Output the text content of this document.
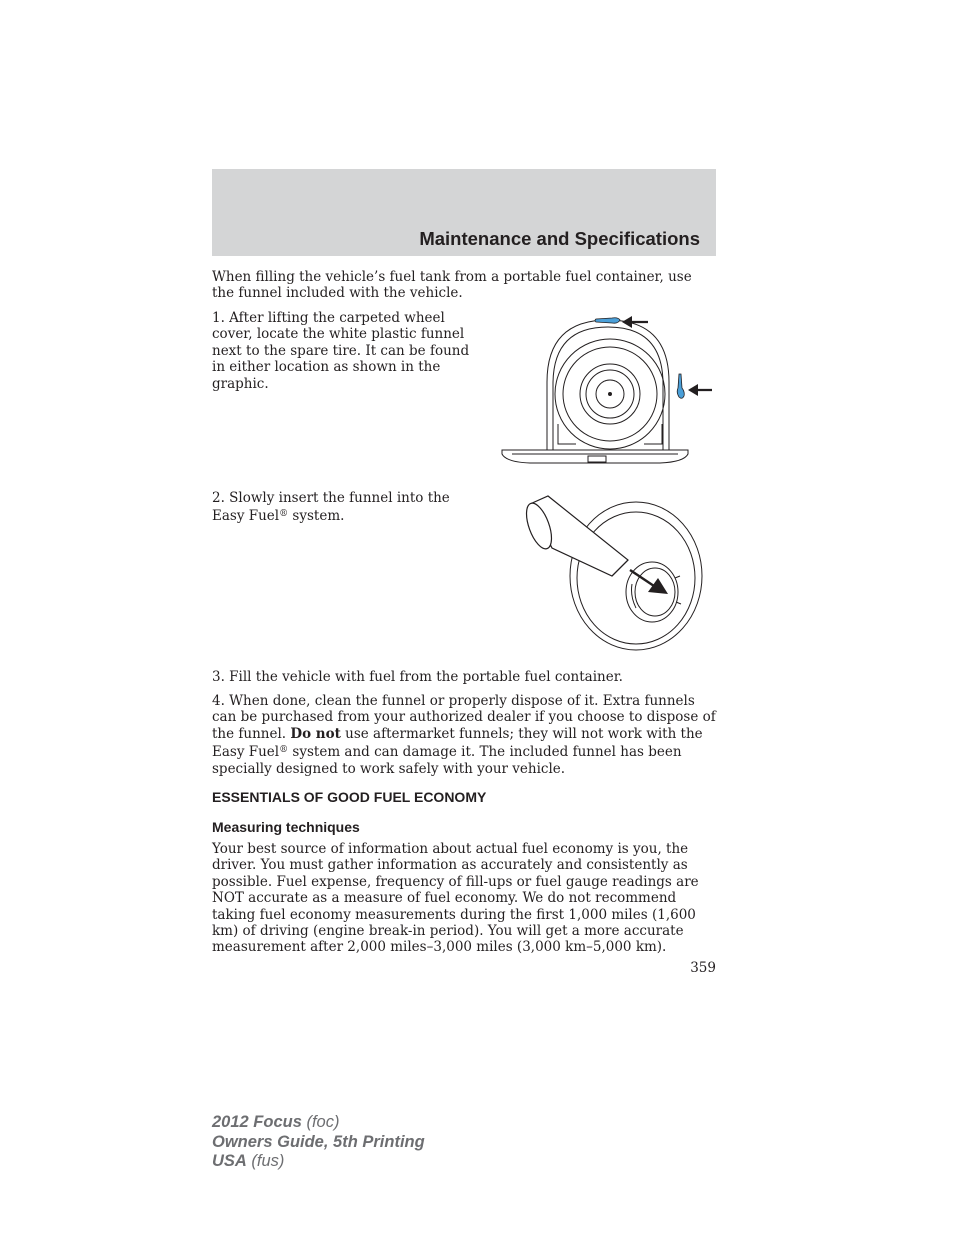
Maintenance and Specifications
When filling the vehicle’s fuel tank from a portable fuel container, use the funnel included with the vehicle.
1. After lifting the carpeted wheel cover, locate the white plastic funnel next to the spare tire. It can be found in either location as shown in the graphic.
2. Slowly insert the funnel into the Easy Fuel® system.
3. Fill the vehicle with fuel from the portable fuel container.
4. When done, clean the funnel or properly dispose of it. Extra funnels can be purchased from your authorized dealer if you choose to dispose of the funnel. Do not use aftermarket funnels; they will not work with the Easy Fuel® system and can damage it. The included funnel has been specially designed to work safely with your vehicle.
ESSENTIALS OF GOOD FUEL ECONOMY
Measuring techniques
Your best source of information about actual fuel economy is you, the driver. You must gather information as accurately and consistently as possible. Fuel expense, frequency of fill-ups or fuel gauge readings are NOT accurate as a measure of fuel economy. We do not recommend taking fuel economy measurements during the first 1,000 miles (1,600 km) of driving (engine break-in period). You will get a more accurate measurement after 2,000 miles–3,000 miles (3,000 km–5,000 km).
359
2012 Focus (foc)
Owners Guide, 5th Printing
USA (fus)
